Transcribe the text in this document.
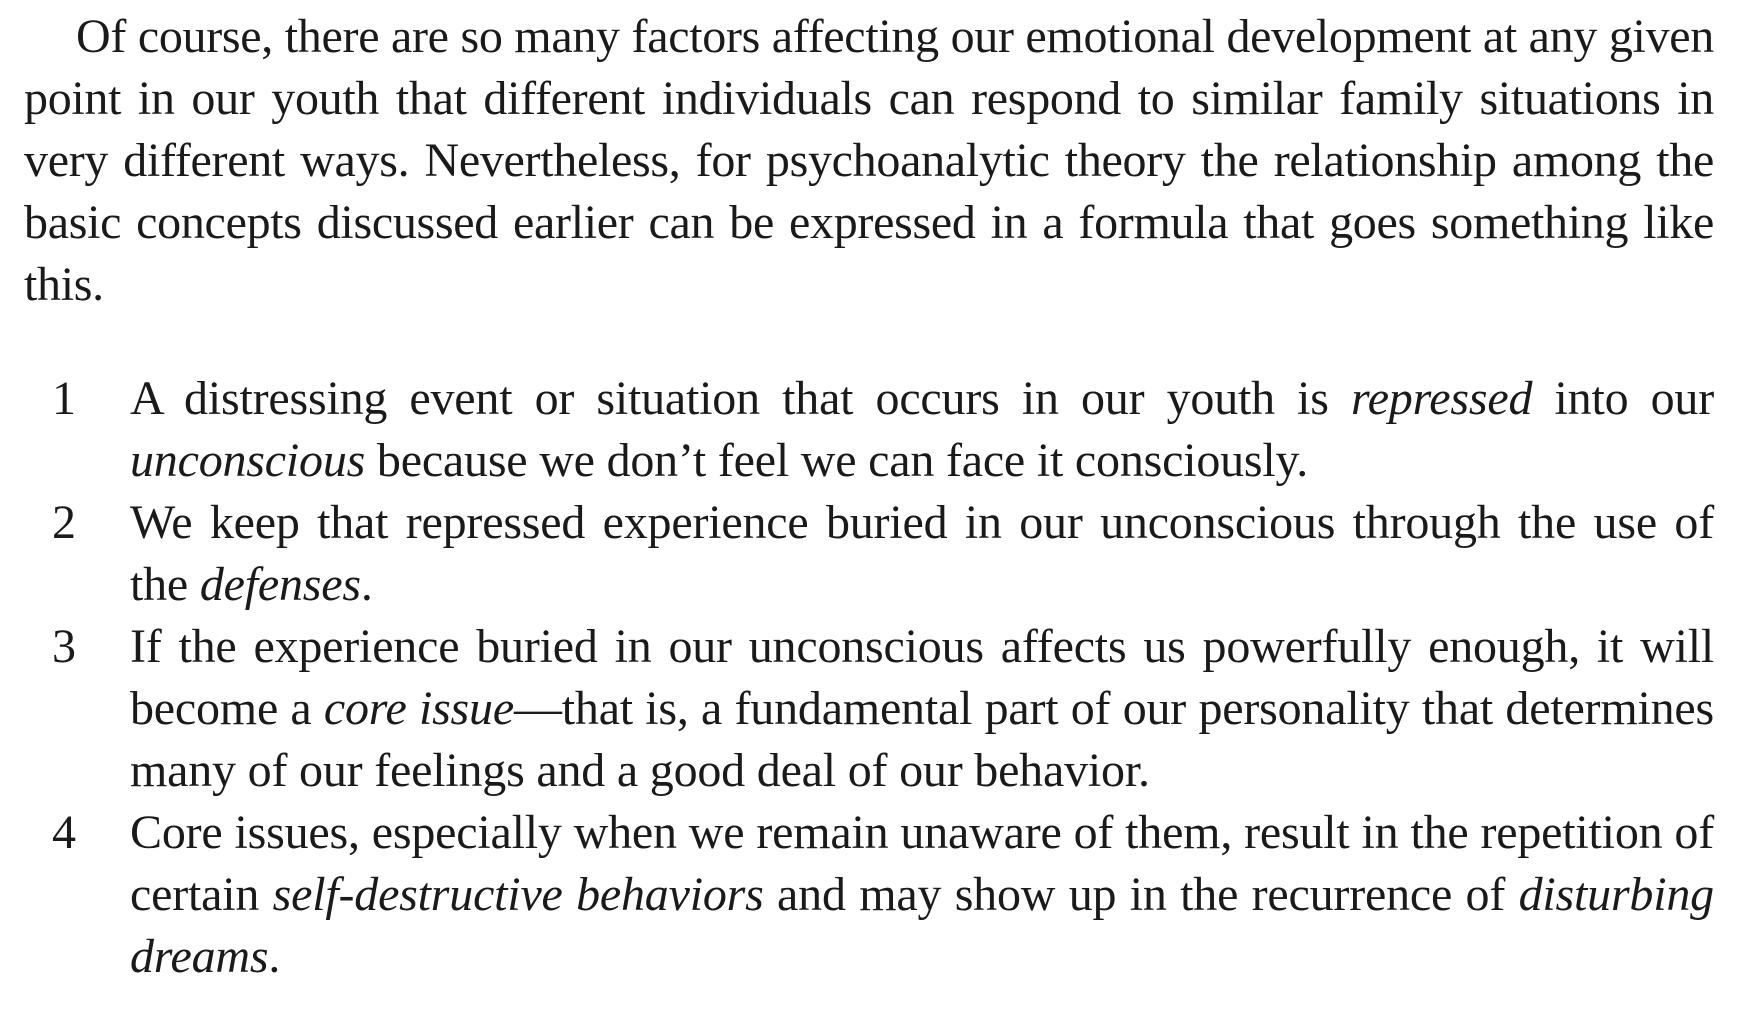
Of course, there are so many factors affecting our emotional development at any given point in our youth that different individuals can respond to similar family situations in very different ways. Nevertheless, for psychoanalytic theory the relationship among the basic concepts discussed earlier can be expressed in a formula that goes something like this.

1 A distressing event or situation that occurs in our youth is repressed into our unconscious because we don’t feel we can face it consciously.
2 We keep that repressed experience buried in our unconscious through the use of the defenses.
3 If the experience buried in our unconscious affects us powerfully enough, it will become a core issue—that is, a fundamental part of our personality that determines many of our feelings and a good deal of our behavior.
4 Core issues, especially when we remain unaware of them, result in the repetition of certain self-destructive behaviors and may show up in the recurrence of disturbing dreams.
